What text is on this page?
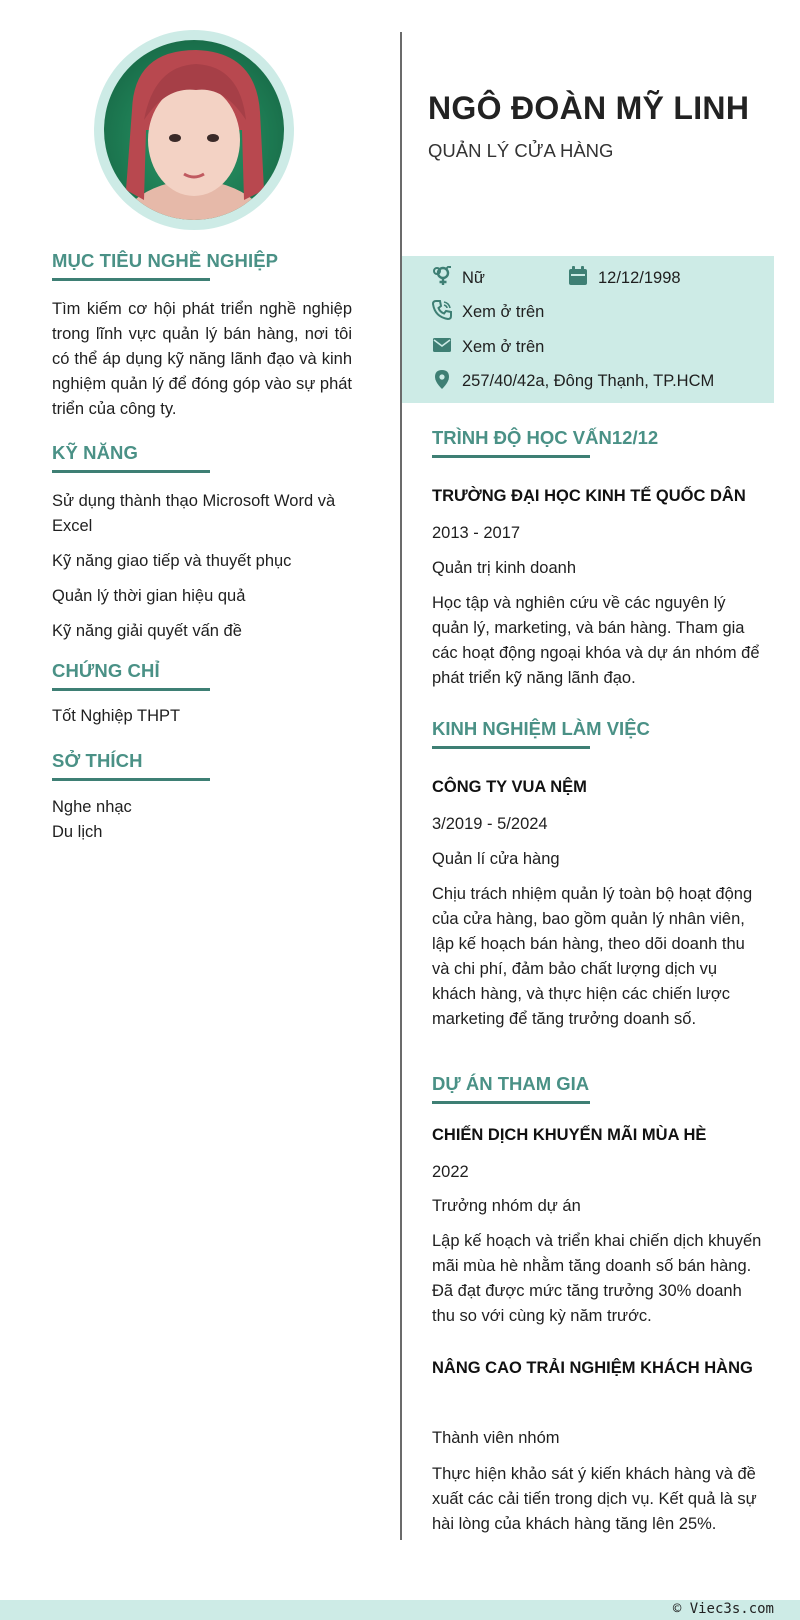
MỤC TIÊU NGHỀ NGHIỆP
Tìm kiếm cơ hội phát triển nghề nghiệp trong lĩnh vực quản lý bán hàng, nơi tôi có thể áp dụng kỹ năng lãnh đạo và kinh nghiệm quản lý để đóng góp vào sự phát triển của công ty.
KỸ NĂNG
Sử dụng thành thạo Microsoft Word và Excel
Kỹ năng giao tiếp và thuyết phục
Quản lý thời gian hiệu quả
Kỹ năng giải quyết vấn đề
CHỨNG CHỈ
Tốt Nghiệp THPT
SỞ THÍCH
Nghe nhạc
Du lịch
NGÔ ĐOÀN MỸ LINH
QUẢN LÝ CỬA HÀNG
Nữ	12/12/1998
Xem ở trên
Xem ở trên
257/40/42a, Đông Thạnh, TP.HCM
TRÌNH ĐỘ HỌC VẤN12/12
TRƯỜNG ĐẠI HỌC KINH TẾ QUỐC DÂN
2013 - 2017
Quản trị kinh doanh
Học tập và nghiên cứu về các nguyên lý quản lý, marketing, và bán hàng. Tham gia các hoạt động ngoại khóa và dự án nhóm để phát triển kỹ năng lãnh đạo.
KINH NGHIỆM LÀM VIỆC
CÔNG TY VUA NỆM
3/2019 - 5/2024
Quản lí cửa hàng
Chịu trách nhiệm quản lý toàn bộ hoạt động của cửa hàng, bao gồm quản lý nhân viên, lập kế hoạch bán hàng, theo dõi doanh thu và chi phí, đảm bảo chất lượng dịch vụ khách hàng, và thực hiện các chiến lược marketing để tăng trưởng doanh số.
DỰ ÁN THAM GIA
CHIẾN DỊCH KHUYẾN MÃI MÙA HÈ
2022
Trưởng nhóm dự án
Lập kế hoạch và triển khai chiến dịch khuyến mãi mùa hè nhằm tăng doanh số bán hàng. Đã đạt được mức tăng trưởng 30% doanh thu so với cùng kỳ năm trước.
NÂNG CAO TRẢI NGHIỆM KHÁCH HÀNG
Thành viên nhóm
Thực hiện khảo sát ý kiến khách hàng và đề xuất các cải tiến trong dịch vụ. Kết quả là sự hài lòng của khách hàng tăng lên 25%.
© Viec3s.com
